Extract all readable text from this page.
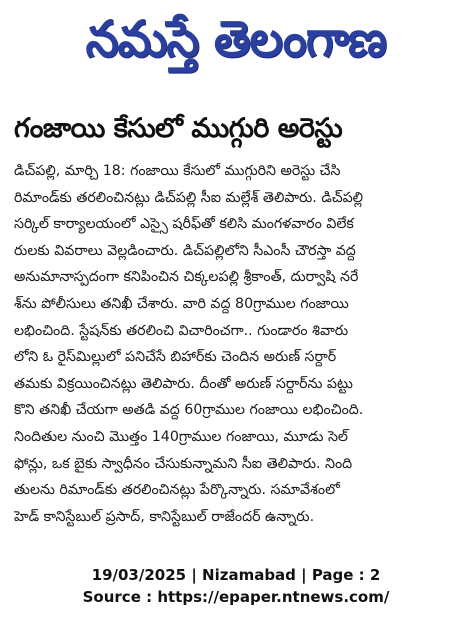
నమస్తే తెలంగాణ
గంజాయి కేసులో ముగ్గురి అరెస్టు
డిచ్‌పల్లి, మార్చి 18: గంజాయి కేసులో ముగ్గురిని అరెస్టు చేసి
రిమాండ్‌కు తరలించినట్లు డిచ్‌పల్లి సీఐ మల్లేశ్ తెలిపారు. డిచ్‌పల్లి
సర్కిల్ కార్యాలయంలో ఎస్సై షరీఫ్‌తో కలిసి మంగళవారం విలేక
రులకు వివరాలు వెల్లడించారు. డిచ్‌పల్లిలోని సీఎంసీ చౌరస్తా వద్ద
అనుమానాస్పదంగా కనిపించిన చిక్కలపల్లి శ్రీకాంత్, దుర్వాషి నరే
శ్‌ను పోలీసులు తనిఖీ చేశారు. వారి వద్ద 80గ్రాముల గంజాయి
లభించింది. స్టేషన్‌కు తరలించి విచారించగా.. గుండారం శివారు
లోని ఓ రైస్‌మిల్లులో పనిచేసే బిహార్‌కు చెందిన అరుణ్ సర్దార్
తమకు విక్రయించినట్లు తెలిపారు. దీంతో అరుణ్ సర్దార్‌ను పట్టు
కొని తనిఖీ చేయగా అతడి వద్ద 60గ్రాముల గంజాయి లభించింది.
నిందితుల నుంచి మొత్తం 140గ్రాముల గంజాయి, మూడు సెల్
ఫోన్లు, ఒక బైకు స్వాధీనం చేసుకున్నామని సీఐ తెలిపారు. నింది
తులను రిమాండ్‌కు తరలించినట్లు పేర్కొన్నారు. సమావేశంలో
హెడ్ కానిస్టేబుల్ ప్రసాద్, కానిస్టేబుల్ రాజేందర్ ఉన్నారు.
19/03/2025 | Nizamabad | Page : 2
Source : https://epaper.ntnews.com/
